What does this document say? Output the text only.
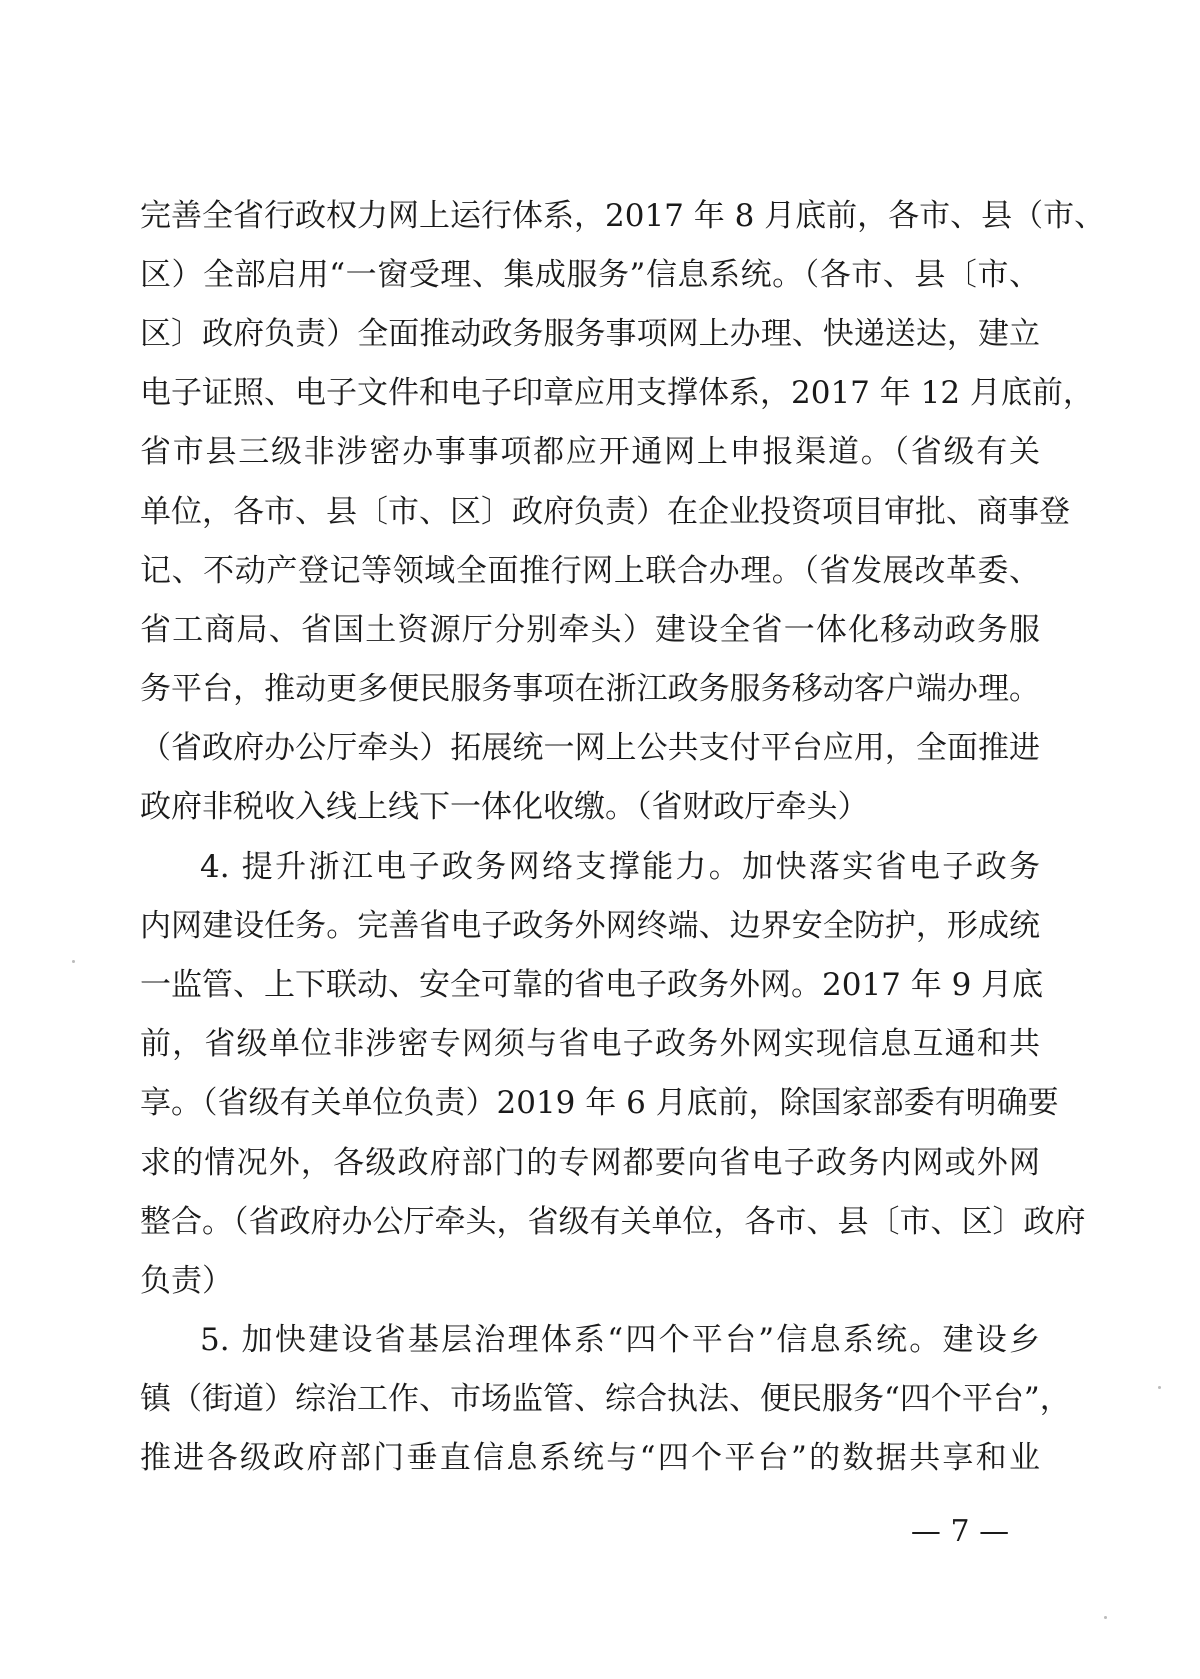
完善全省行政权力网上运行体系，2017 年 8 月底前，各市、县（市、
区）全部启用“一窗受理、集成服务”信息系统。（各市、县〔市、
区〕政府负责）全面推动政务服务事项网上办理、快递送达，建立
电子证照、电子文件和电子印章应用支撑体系，2017 年 12 月底前，
省市县三级非涉密办事事项都应开通网上申报渠道。（省级有关
单位，各市、县〔市、区〕政府负责）在企业投资项目审批、商事登
记、不动产登记等领域全面推行网上联合办理。（省发展改革委、
省工商局、省国土资源厅分别牵头）建设全省一体化移动政务服
务平台，推动更多便民服务事项在浙江政务服务移动客户端办理。
（省政府办公厅牵头）拓展统一网上公共支付平台应用，全面推进
政府非税收入线上线下一体化收缴。（省财政厅牵头）
4. 提升浙江电子政务网络支撑能力。加快落实省电子政务
内网建设任务。完善省电子政务外网终端、边界安全防护，形成统
一监管、上下联动、安全可靠的省电子政务外网。2017 年 9 月底
前，省级单位非涉密专网须与省电子政务外网实现信息互通和共
享。（省级有关单位负责）2019 年 6 月底前，除国家部委有明确要
求的情况外，各级政府部门的专网都要向省电子政务内网或外网
整合。（省政府办公厅牵头，省级有关单位，各市、县〔市、区〕政府
负责）
5. 加快建设省基层治理体系“四个平台”信息系统。建设乡
镇（街道）综治工作、市场监管、综合执法、便民服务“四个平台”，
推进各级政府部门垂直信息系统与“四个平台”的数据共享和业
— 7 —
